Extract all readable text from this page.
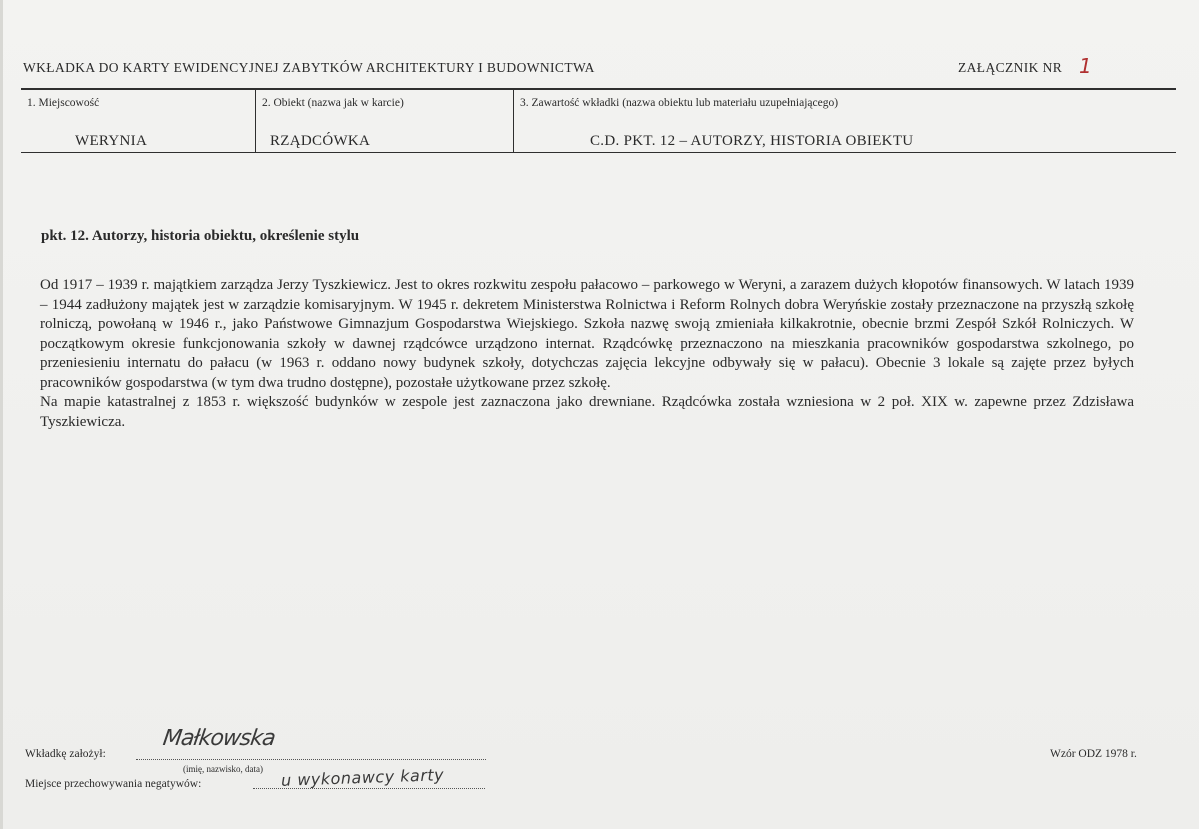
WKŁADKA DO KARTY EWIDENCYJNEJ ZABYTKÓW ARCHITEKTURY I BUDOWNICTWA	ZAŁĄCZNIK NR 1
1. Miejscowość	2. Obiekt (nazwa jak w karcie)	3. Zawartość wkładki (nazwa obiektu lub materiału uzupełniającego)
WERYNIA	RZĄDCÓWKA	C.D. PKT. 12 – AUTORZY, HISTORIA OBIEKTU
pkt. 12. Autorzy, historia obiektu, określenie stylu

Od 1917 – 1939 r. majątkiem zarządza Jerzy Tyszkiewicz. Jest to okres rozkwitu zespołu pałacowo – parkowego w Weryni, a zarazem dużych kłopotów finansowych. W latach 1939 – 1944 zadłużony majątek jest w zarządzie komisaryjnym. W 1945 r. dekretem Ministerstwa Rolnictwa i Reform Rolnych dobra Weryńskie zostały przeznaczone na przyszłą szkołę rolniczą, powołaną w 1946 r., jako Państwowe Gimnazjum Gospodarstwa Wiejskiego. Szkoła nazwę swoją zmieniała kilkakrotnie, obecnie brzmi Zespół Szkół Rolniczych. W początkowym okresie funkcjonowania szkoły w dawnej rządcówce urządzono internat. Rządcówkę przeznaczono na mieszkania pracowników gospodarstwa szkolnego, po przeniesieniu internatu do pałacu (w 1963 r. oddano nowy budynek szkoły, dotychczas zajęcia lekcyjne odbywały się w pałacu). Obecnie 3 lokale są zajęte przez byłych pracowników gospodarstwa (w tym dwa trudno dostępne), pozostałe użytkowane przez szkołę.

Na mapie katastralnej z 1853 r. większość budynków w zespole jest zaznaczona jako drewniane. Rządcówka została wzniesiona w 2 poł. XIX w. zapewne przez Zdzisława Tyszkiewicza.

Wkładkę założył:
Małkowska
(imię, nazwisko, data)
Miejsce przechowywania negatywów:	u wykonawcy karty
Wzór ODZ 1978 r.
